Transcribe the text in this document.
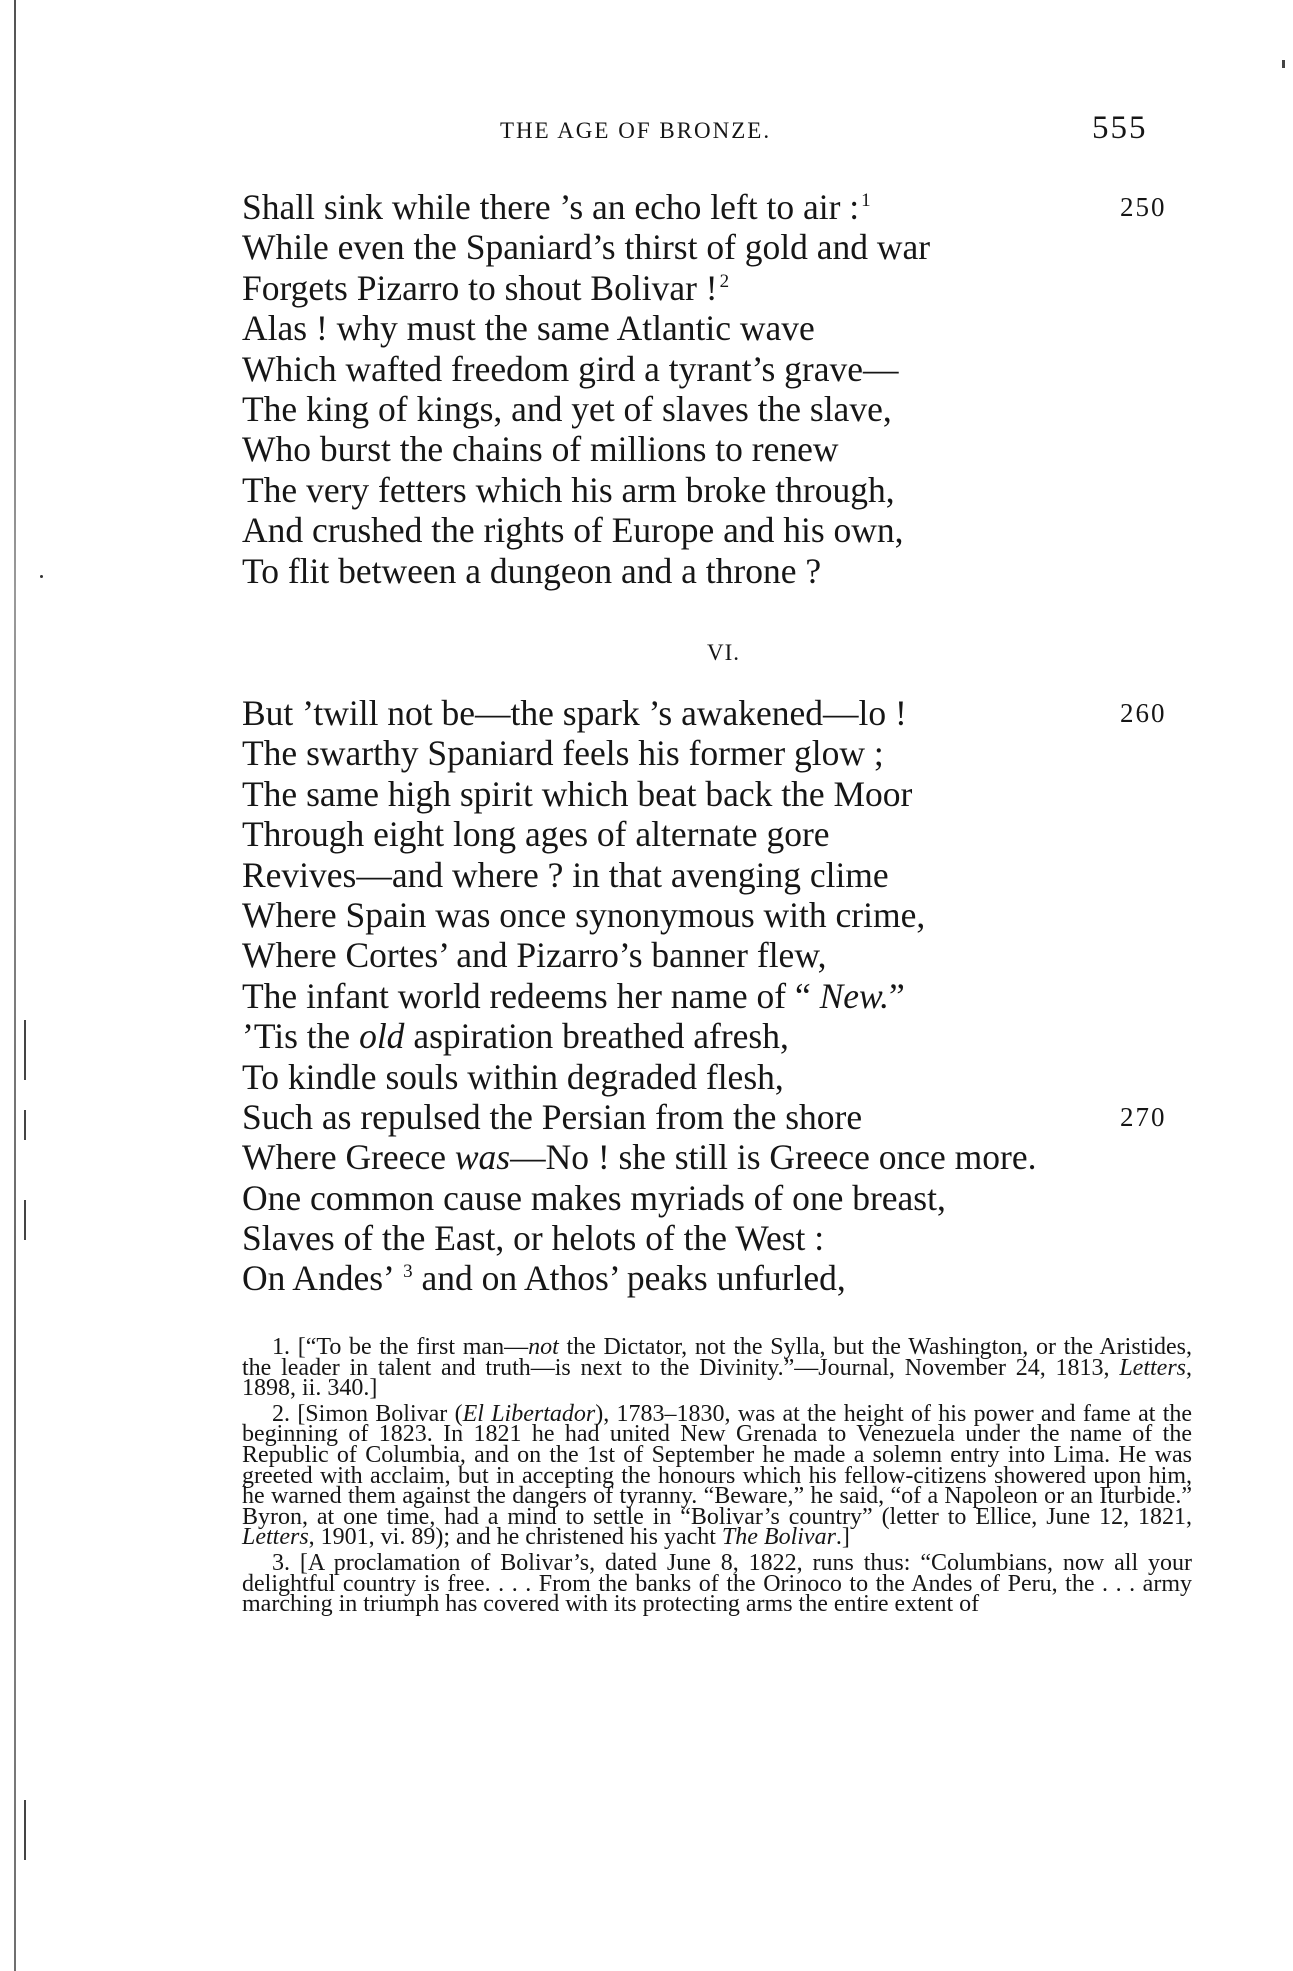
THE AGE OF BRONZE.	555
Shall sink while there ’s an echo left to air : $^1$	250
While even the Spaniard’s thirst of gold and war
Forgets Pizarro to shout Bolivar ! $^2$
Alas ! why must the same Atlantic wave
Which wafted freedom gird a tyrant’s grave—
The king of kings, and yet of slaves the slave,
Who burst the chains of millions to renew
The very fetters which his arm broke through,
And crushed the rights of Europe and his own,
To flit between a dungeon and a throne ?
VI.
But ’twill not be—the spark ’s awakened—lo !	260
The swarthy Spaniard feels his former glow ;
The same high spirit which beat back the Moor
Through eight long ages of alternate gore
Revives—and where ? in that avenging clime
Where Spain was once synonymous with crime,
Where Cortes’ and Pizarro’s banner flew,
The infant world redeems her name of “ New.”
’Tis the old aspiration breathed afresh,
To kindle souls within degraded flesh,
Such as repulsed the Persian from the shore	270
Where Greece was—No ! she still is Greece once more.
One common cause makes myriads of one breast,
Slaves of the East, or helots of the West :
On Andes’ $^3$ and on Athos’ peaks unfurled,

1. [“To be the first man—not the Dictator, not the Sylla, but the Washington, or the Aristides, the leader in talent and truth—is next to the Divinity.”—Journal, November 24, 1813, Letters, 1898, ii. 340.]

2. [Simon Bolivar (El Libertador), 1783–1830, was at the height of his power and fame at the beginning of 1823. In 1821 he had united New Grenada to Venezuela under the name of the Republic of Columbia, and on the 1st of September he made a solemn entry into Lima. He was greeted with acclaim, but in accepting the honours which his fellow-citizens showered upon him, he warned them against the dangers of tyranny. “Beware,” he said, “of a Napoleon or an Iturbide.” Byron, at one time, had a mind to settle in “Bolivar’s country” (letter to Ellice, June 12, 1821, Letters, 1901, vi. 89); and he christened his yacht The Bolivar.]

3. [A proclamation of Bolivar’s, dated June 8, 1822, runs thus: “Columbians, now all your delightful country is free. . . . From the banks of the Orinoco to the Andes of Peru, the . . . army marching in triumph has covered with its protecting arms the entire extent of
